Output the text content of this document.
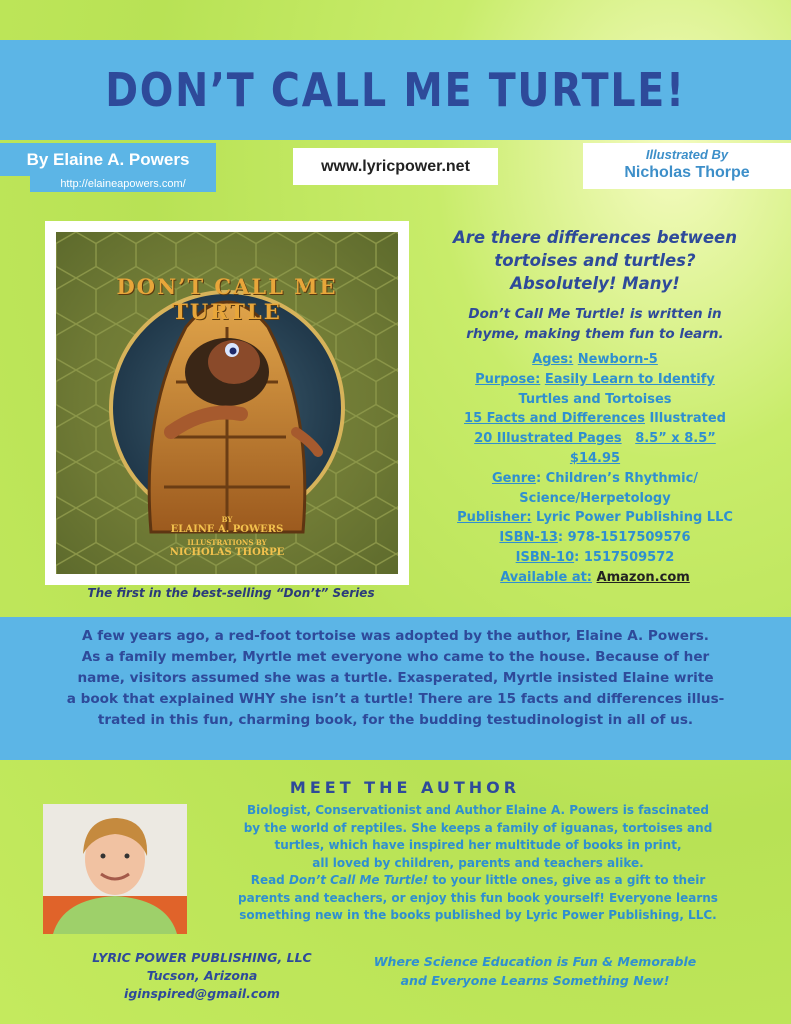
DON’T CALL ME TURTLE!
By Elaine A. Powers
http://elaineapowers.com/
www.lyricpower.net
Illustrated By
Nicholas Thorpe
DON’T CALL ME TURTLE
BY
ELAINE A. POWERS
ILLUSTRATIONS BY
NICHOLAS THORPE
The first in the best-selling “Don’t” Series
Are there differences between
tortoises and turtles?
Absolutely! Many!
Don’t Call Me Turtle! is written in
rhyme, making them fun to learn.
Ages: Newborn-5
Purpose: Easily Learn to Identify
Turtles and Tortoises
15 Facts and Differences Illustrated
20 Illustrated Pages 8.5” x 8.5”
$14.95
Genre: Children’s Rhythmic/
Science/Herpetology
Publisher: Lyric Power Publishing LLC
ISBN-13: 978-1517509576
ISBN-10: 1517509572
Available at: Amazon.com
A few years ago, a red-foot tortoise was adopted by the author, Elaine A. Powers.
As a family member, Myrtle met everyone who came to the house. Because of her
name, visitors assumed she was a turtle. Exasperated, Myrtle insisted Elaine write
a book that explained WHY she isn’t a turtle! There are 15 facts and differences illus-
trated in this fun, charming book, for the budding testudinologist in all of us.
MEET THE AUTHOR
Biologist, Conservationist and Author Elaine A. Powers is fascinated
by the world of reptiles. She keeps a family of iguanas, tortoises and
turtles, which have inspired her multitude of books in print,
all loved by children, parents and teachers alike.
Read Don’t Call Me Turtle! to your little ones, give as a gift to their
parents and teachers, or enjoy this fun book yourself! Everyone learns
something new in the books published by Lyric Power Publishing, LLC.
LYRIC POWER PUBLISHING, LLC
Tucson, Arizona
iginspired@gmail.com
Where Science Education is Fun & Memorable
and Everyone Learns Something New!
